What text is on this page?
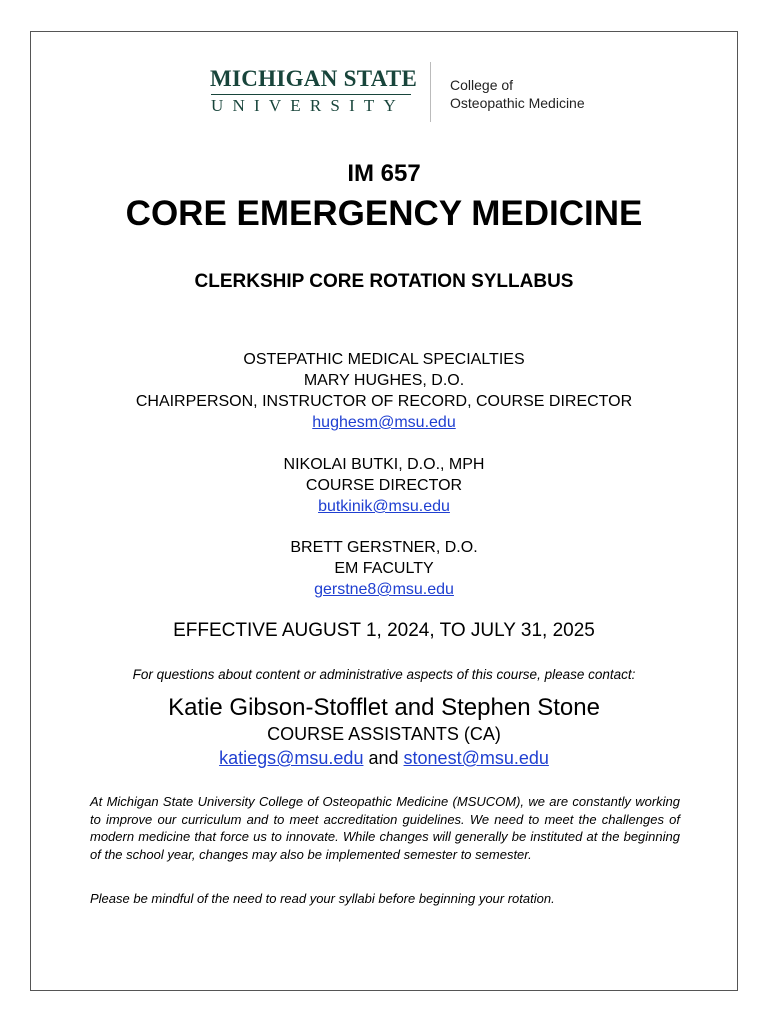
MICHIGAN STATE
UNIVERSITY
College of
Osteopathic Medicine
IM 657
CORE EMERGENCY MEDICINE
CLERKSHIP CORE ROTATION SYLLABUS
OSTEPATHIC MEDICAL SPECIALTIES
MARY HUGHES, D.O.
CHAIRPERSON, INSTRUCTOR OF RECORD, COURSE DIRECTOR
hughesm@msu.edu
NIKOLAI BUTKI, D.O., MPH
COURSE DIRECTOR
butkinik@msu.edu
BRETT GERSTNER, D.O.
EM FACULTY
gerstne8@msu.edu
EFFECTIVE AUGUST 1, 2024, TO JULY 31, 2025
For questions about content or administrative aspects of this course, please contact:
Katie Gibson-Stofflet and Stephen Stone
COURSE ASSISTANTS (CA)
katiegs@msu.edu and stonest@msu.edu
At Michigan State University College of Osteopathic Medicine (MSUCOM), we are constantly working to improve our curriculum and to meet accreditation guidelines. We need to meet the challenges of modern medicine that force us to innovate. While changes will generally be instituted at the beginning of the school year, changes may also be implemented semester to semester.
Please be mindful of the need to read your syllabi before beginning your rotation.
